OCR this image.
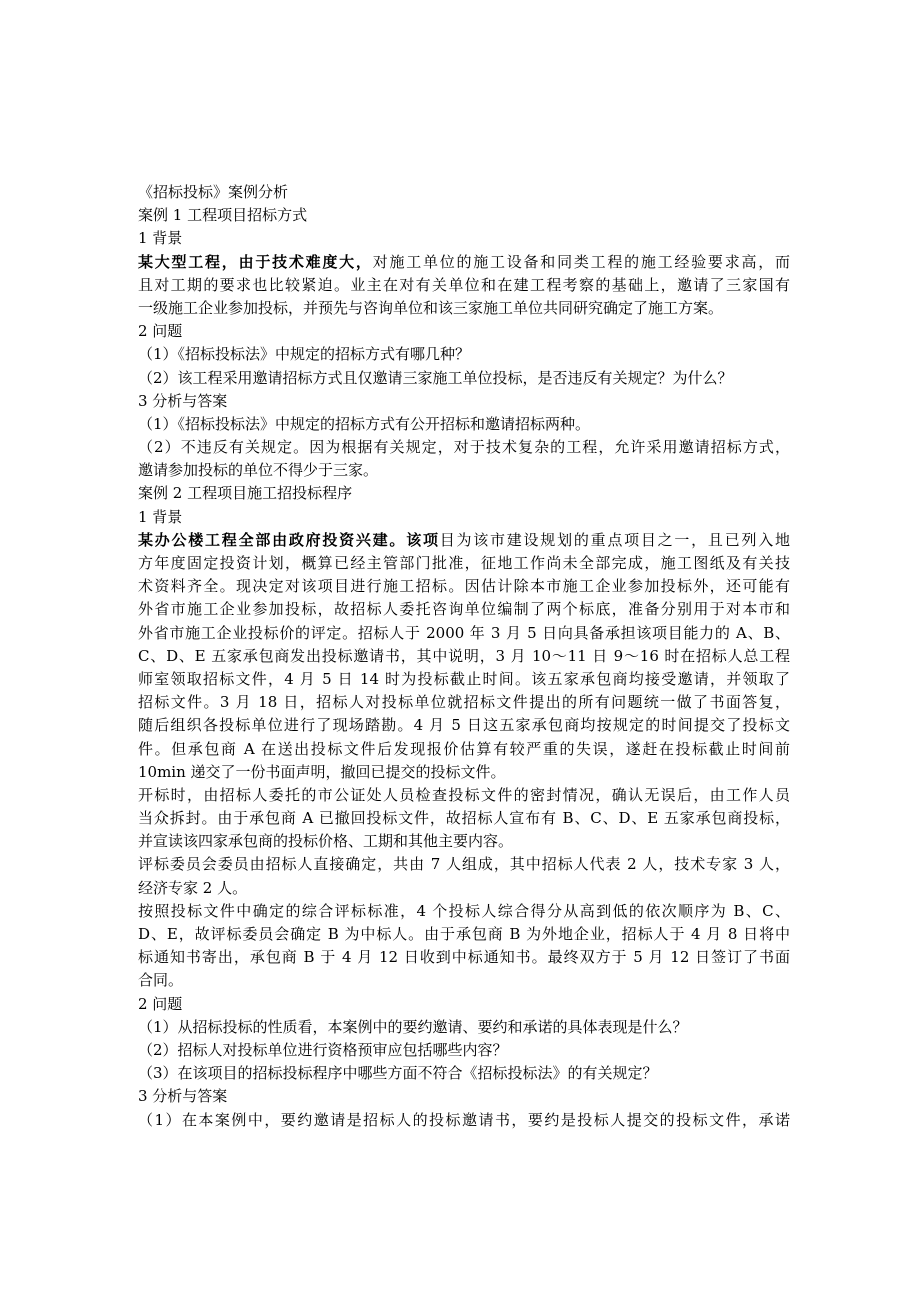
《招标投标》案例分析
案例 1 工程项目招标方式
1 背景
某大型工程，由于技术难度大，对施工单位的施工设备和同类工程的施工经验要求高，而
且对工期的要求也比较紧迫。业主在对有关单位和在建工程考察的基础上，邀请了三家国有
一级施工企业参加投标，并预先与咨询单位和该三家施工单位共同研究确定了施工方案。
2 问题
（1）《招标投标法》中规定的招标方式有哪几种？
（2）该工程采用邀请招标方式且仅邀请三家施工单位投标，是否违反有关规定？为什么？
3 分析与答案
（1）《招标投标法》中规定的招标方式有公开招标和邀请招标两种。
（2）不违反有关规定。因为根据有关规定，对于技术复杂的工程，允许采用邀请招标方式，
邀请参加投标的单位不得少于三家。
案例 2 工程项目施工招投标程序
1 背景
某办公楼工程全部由政府投资兴建。该项目为该市建设规划的重点项目之一，且已列入地
方年度固定投资计划，概算已经主管部门批准，征地工作尚未全部完成，施工图纸及有关技
术资料齐全。现决定对该项目进行施工招标。因估计除本市施工企业参加投标外，还可能有
外省市施工企业参加投标，故招标人委托咨询单位编制了两个标底，准备分别用于对本市和
外省市施工企业投标价的评定。招标人于 2000 年 3 月 5 日向具备承担该项目能力的 A、B、
C、D、E 五家承包商发出投标邀请书，其中说明，3 月 10～11 日 9～16 时在招标人总工程
师室领取招标文件，4 月 5 日 14 时为投标截止时间。该五家承包商均接受邀请，并领取了
招标文件。3 月 18 日，招标人对投标单位就招标文件提出的所有问题统一做了书面答复，
随后组织各投标单位进行了现场踏勘。4 月 5 日这五家承包商均按规定的时间提交了投标文
件。但承包商 A 在送出投标文件后发现报价估算有较严重的失误，遂赶在投标截止时间前
10min 递交了一份书面声明，撤回已提交的投标文件。
开标时，由招标人委托的市公证处人员检查投标文件的密封情况，确认无误后，由工作人员
当众拆封。由于承包商 A 已撤回投标文件，故招标人宣布有 B、C、D、E 五家承包商投标，
并宣读该四家承包商的投标价格、工期和其他主要内容。
评标委员会委员由招标人直接确定，共由 7 人组成，其中招标人代表 2 人，技术专家 3 人，
经济专家 2 人。
按照投标文件中确定的综合评标标准，4 个投标人综合得分从高到低的依次顺序为 B、C、
D、E，故评标委员会确定 B 为中标人。由于承包商 B 为外地企业，招标人于 4 月 8 日将中
标通知书寄出，承包商 B 于 4 月 12 日收到中标通知书。最终双方于 5 月 12 日签订了书面
合同。
2 问题
（1）从招标投标的性质看，本案例中的要约邀请、要约和承诺的具体表现是什么？
（2）招标人对投标单位进行资格预审应包括哪些内容？
（3）在该项目的招标投标程序中哪些方面不符合《招标投标法》的有关规定？
3 分析与答案
（1）在本案例中，要约邀请是招标人的投标邀请书，要约是投标人提交的投标文件，承诺
